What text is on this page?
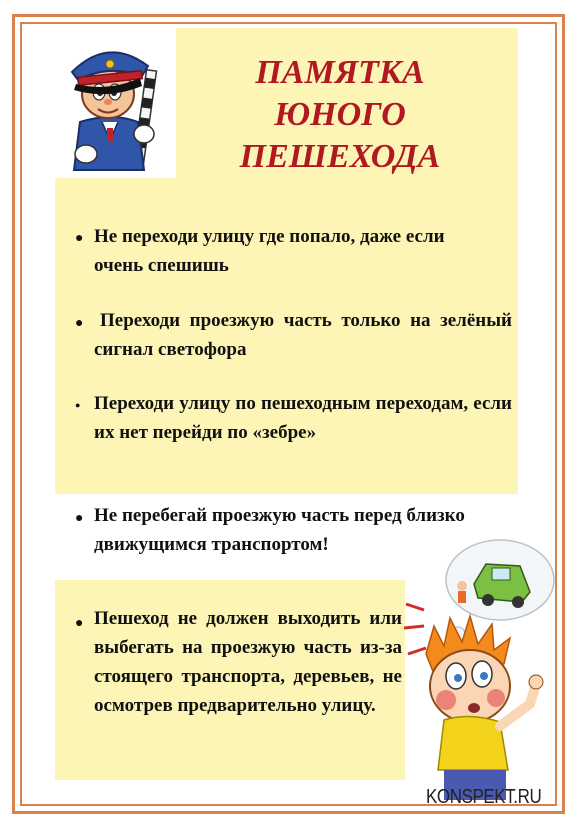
ПАМЯТКА
ЮНОГО
ПЕШЕХОДА
● Не переходи улицу где попало, даже если очень спешишь
● Переходи проезжую часть только на зелёный сигнал светофора
● Переходи улицу по пешеходным переходам, если их нет перейди по «зебре»
● Не перебегай проезжую часть перед близко движущимся транспортом!
● Пешеход не должен выходить или выбегать на проезжую часть из-за стоящего транспорта, деревьев, не осмотрев предварительно улицу.
KONSPEKT.RU
